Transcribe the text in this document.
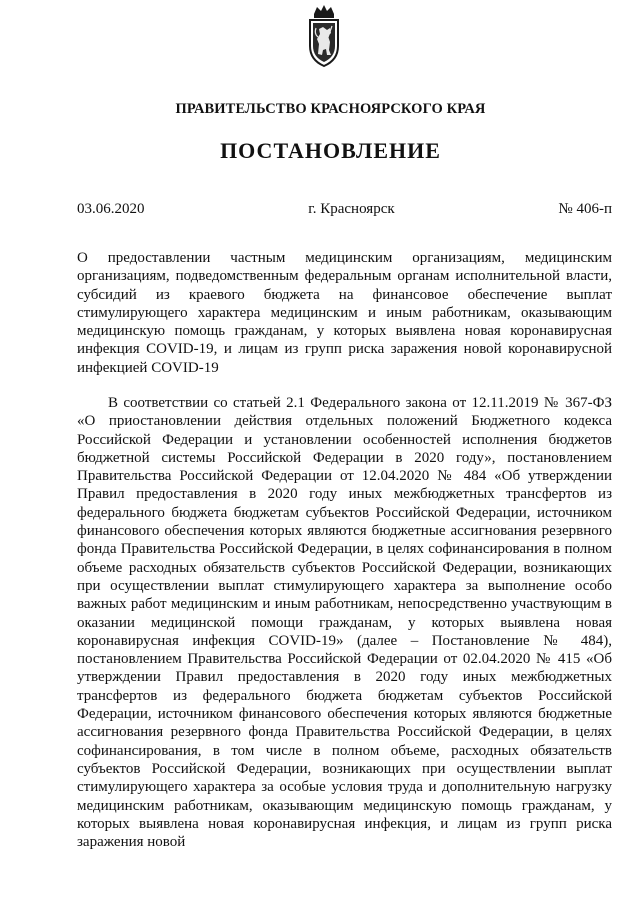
ПРАВИТЕЛЬСТВО КРАСНОЯРСКОГО КРАЯ
ПОСТАНОВЛЕНИЕ
03.06.2020	г. Красноярск	№ 406-п
О предоставлении частным медицинским организациям, медицинским организациям, подведомственным федеральным органам исполнительной власти, субсидий из краевого бюджета на финансовое обеспечение выплат стимулирующего характера медицинским и иным работникам, оказывающим медицинскую помощь гражданам, у которых выявлена новая коронавирусная инфекция COVID-19, и лицам из групп риска заражения новой коронавирусной инфекцией COVID-19
В соответствии со статьей 2.1 Федерального закона от 12.11.2019 № 367-ФЗ «О приостановлении действия отдельных положений Бюджетного кодекса Российской Федерации и установлении особенностей исполнения бюджетов бюджетной системы Российской Федерации в 2020 году», постановлением Правительства Российской Федерации от 12.04.2020 № 484 «Об утверждении Правил предоставления в 2020 году иных межбюджетных трансфертов из федерального бюджета бюджетам субъектов Российской Федерации, источником финансового обеспечения которых являются бюджетные ассигнования резервного фонда Правительства Российской Федерации, в целях софинансирования в полном объеме расходных обязательств субъектов Российской Федерации, возникающих при осуществлении выплат стимулирующего характера за выполнение особо важных работ медицинским и иным работникам, непосредственно участвующим в оказании медицинской помощи гражданам, у которых выявлена новая коронавирусная инфекция COVID-19» (далее – Постановление № 484), постановлением Правительства Российской Федерации от 02.04.2020 № 415 «Об утверждении Правил предоставления в 2020 году иных межбюджетных трансфертов из федерального бюджета бюджетам субъектов Российской Федерации, источником финансового обеспечения которых являются бюджетные ассигнования резервного фонда Правительства Российской Федерации, в целях софинансирования, в том числе в полном объеме, расходных обязательств субъектов Российской Федерации, возникающих при осуществлении выплат стимулирующего характера за особые условия труда и дополнительную нагрузку медицинским работникам, оказывающим медицинскую помощь гражданам, у которых выявлена новая коронавирусная инфекция, и лицам из групп риска заражения новой
